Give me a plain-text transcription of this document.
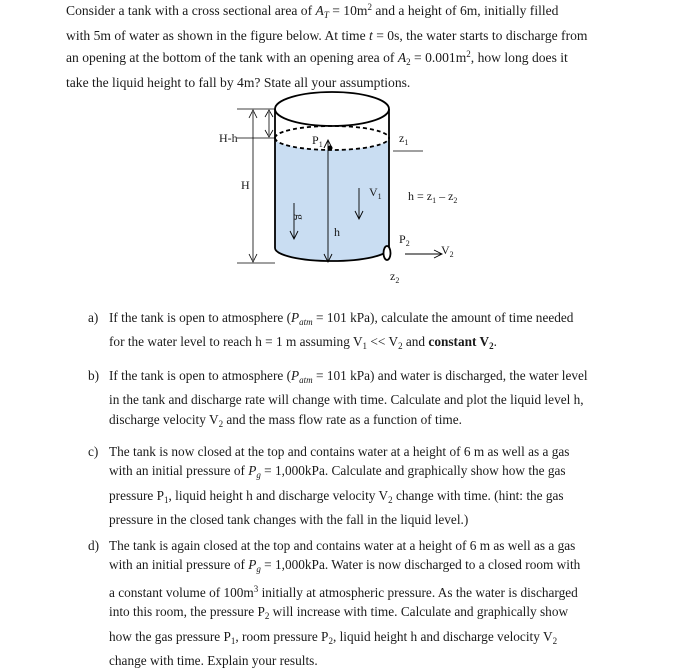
Consider a tank with a cross sectional area of $A_T = 10m^2$ and a height of 6m, initially filled
with 5m of water as shown in the figure below. At time t = 0s, the water starts to discharge from
an opening at the bottom of the tank with an opening area of $A_2 = 0.001m^2$, how long does it
take the liquid height to fall by 4m? State all your assumptions.
H-h
H
g
h
$V_1$
$P_1$	$z_1$
$h = z_1 - z_2$
$P_2$	$V_2$
$z_2$
a) If the tank is open to atmosphere ($P_{atm} = 101$ kPa), calculate the amount of time needed
for the water level to reach h = 1 m assuming $V_1 << V_2$ and constant $V_2$.
b) If the tank is open to atmosphere ($P_{atm} = 101$ kPa) and water is discharged, the water level
in the tank and discharge rate will change with time. Calculate and plot the liquid level h,
discharge velocity $V_2$ and the mass flow rate as a function of time.
c) The tank is now closed at the top and contains water at a height of 6 m as well as a gas
with an initial pressure of $P_g = 1,000kPa$. Calculate and graphically show how the gas
pressure $P_1$, liquid height h and discharge velocity $V_2$ change with time. (hint: the gas
pressure in the closed tank changes with the fall in the liquid level.)
d) The tank is again closed at the top and contains water at a height of 6 m as well as a gas
with an initial pressure of $P_g = 1,000kPa$. Water is now discharged to a closed room with
a constant volume of $100m^3$ initially at atmospheric pressure. As the water is discharged
into this room, the pressure $P_2$ will increase with time. Calculate and graphically show
how the gas pressure $P_1$, room pressure $P_2$, liquid height h and discharge velocity $V_2$
change with time. Explain your results.
